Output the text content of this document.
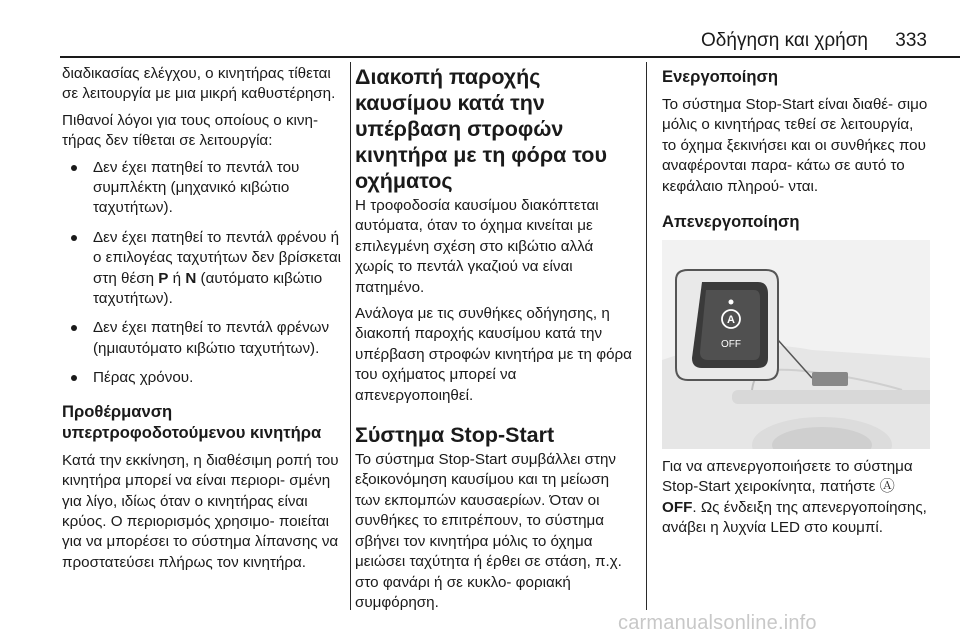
Οδήγηση και χρήση 333

διαδικασίας ελέγχου, ο κινητήρας τίθεται σε λειτουργία με μια μικρή καθυστέρηση.

Πιθανοί λόγοι για τους οποίους ο κινη- τήρας δεν τίθεται σε λειτουργία:

Δεν έχει πατηθεί το πεντάλ του συμπλέκτη (μηχανικό κιβώτιο ταχυτήτων).
Δεν έχει πατηθεί το πεντάλ φρένου ή ο επιλογέας ταχυτήτων δεν βρίσκεται στη θέση P ή N (αυτόματο κιβώτιο ταχυτήτων).
Δεν έχει πατηθεί το πεντάλ φρένων (ημιαυτόματο κιβώτιο ταχυτήτων).
Πέρας χρόνου.
Προθέρμανση υπερτροφοδοτούμενου κινητήρα

Κατά την εκκίνηση, η διαθέσιμη ροπή του κινητήρα μπορεί να είναι περιορι- σμένη για λίγο, ιδίως όταν ο κινητήρας είναι κρύος. Ο περιορισμός χρησιμο- ποιείται για να μπορέσει το σύστημα λίπανσης να προστατεύσει πλήρως τον κινητήρα.

Διακοπή παροχής καυσίμου κατά την υπέρβαση στροφών κινητήρα με τη φόρα του οχήματος

Η τροφοδοσία καυσίμου διακόπτεται αυτόματα, όταν το όχημα κινείται με επιλεγμένη σχέση στο κιβώτιο αλλά χωρίς το πεντάλ γκαζιού να είναι πατημένο.

Ανάλογα με τις συνθήκες οδήγησης, η διακοπή παροχής καυσίμου κατά την υπέρβαση στροφών κινητήρα με τη φόρα του οχήματος μπορεί να απενεργοποιηθεί.

Σύστημα Stop-Start

Το σύστημα Stop-Start συμβάλλει στην εξοικονόμηση καυσίμου και τη μείωση των εκπομπών καυσαερίων. Όταν οι συνθήκες το επιτρέπουν, το σύστημα σβήνει τον κινητήρα μόλις το όχημα μειώσει ταχύτητα ή έρθει σε στάση, π.χ. στο φανάρι ή σε κυκλο- φοριακή συμφόρηση.

Ενεργοποίηση

Το σύστημα Stop-Start είναι διαθέ- σιμο μόλις ο κινητήρας τεθεί σε λειτουργία, το όχημα ξεκινήσει και οι συνθήκες που αναφέρονται παρα- κάτω σε αυτό το κεφάλαιο πληρού- νται.

Απενεργοποίηση
A
OFF

Για να απενεργοποιήσετε το σύστημα Stop-Start χειροκίνητα, πατήστε Ⓐ OFF. Ως ένδειξη της απενεργοποίησης, ανάβει η λυχνία LED στο κουμπί.

carmanualsonline.info
